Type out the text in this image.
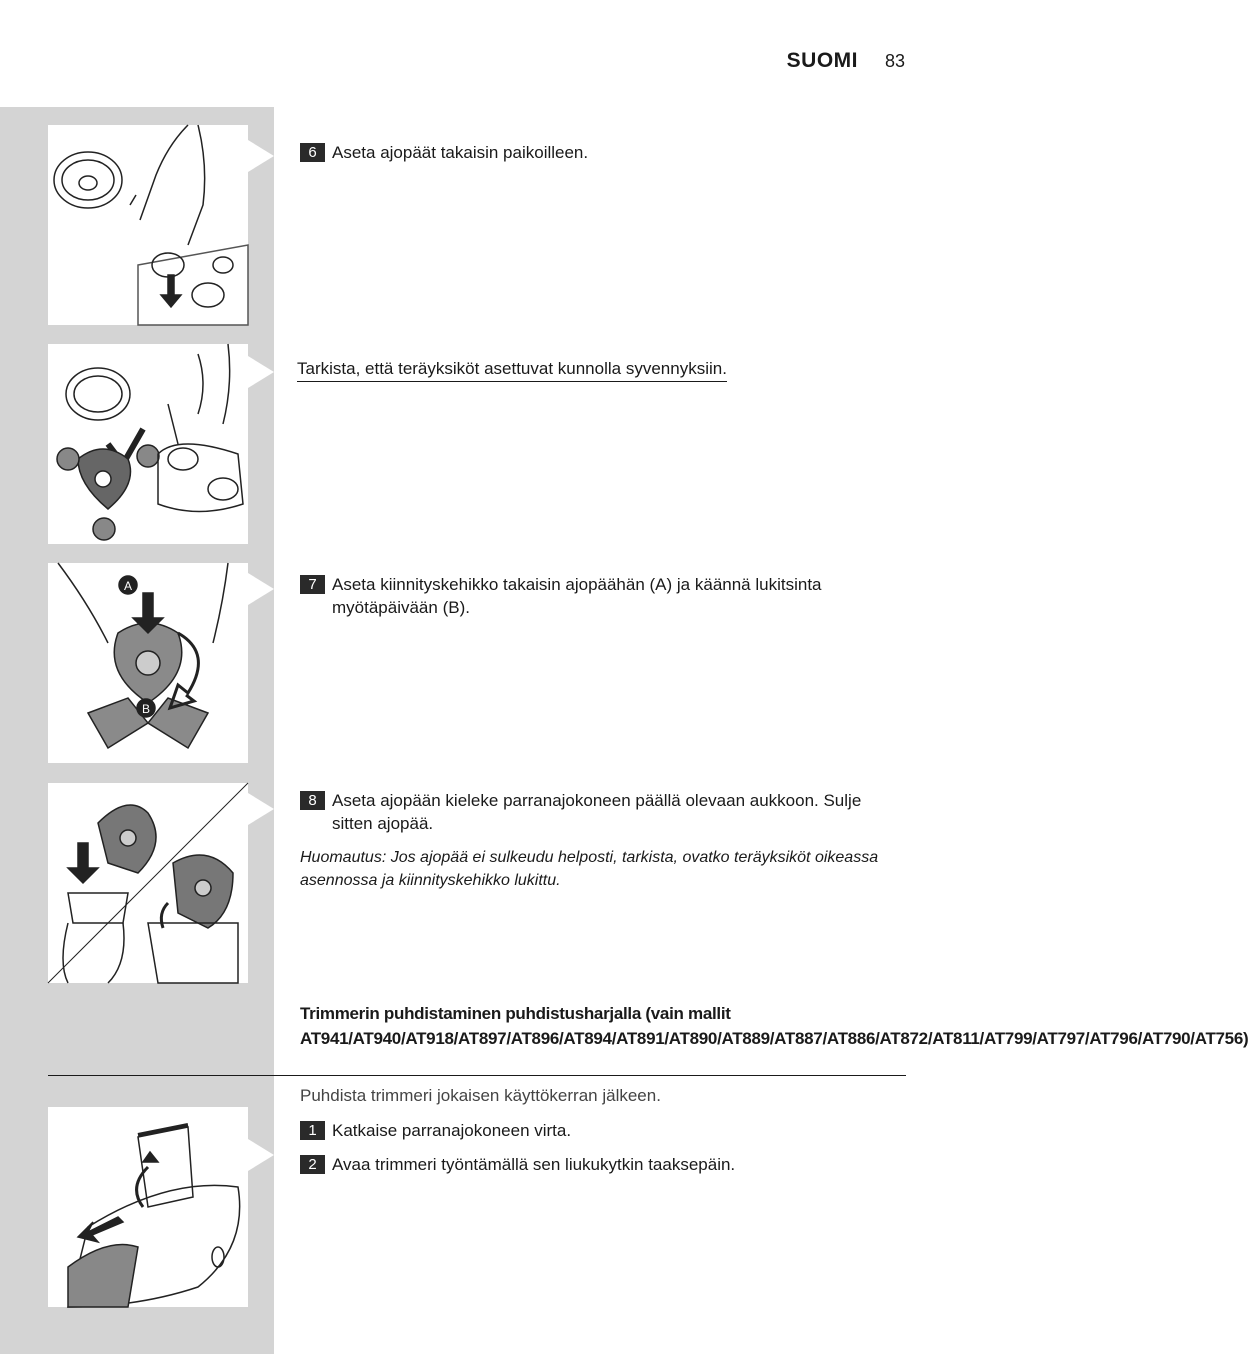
SUOMI 83
A
B
6 Aseta ajopäät takaisin paikoilleen.
Tarkista, että teräyksiköt asettuvat kunnolla syvennyksiin.
7 Aseta kiinnityskehikko takaisin ajopäähän (A) ja käännä lukitsinta myötäpäivään (B).
8 Aseta ajopään kieleke parranajokoneen päällä olevaan aukkoon. Sulje sitten ajopää.
Huomautus: Jos ajopää ei sulkeudu helposti, tarkista, ovatko teräyksiköt oikeassa asennossa ja kiinnityskehikko lukittu.
Trimmerin puhdistaminen puhdistusharjalla (vain mallit AT941/AT940/AT918/AT897/AT896/AT894/AT891/AT890/AT889/AT887/AT886/AT872/AT811/AT799/AT797/AT796/AT790/AT756)
Puhdista trimmeri jokaisen käyttökerran jälkeen.
1 Katkaise parranajokoneen virta.
2 Avaa trimmeri työntämällä sen liukukytkin taaksepäin.
